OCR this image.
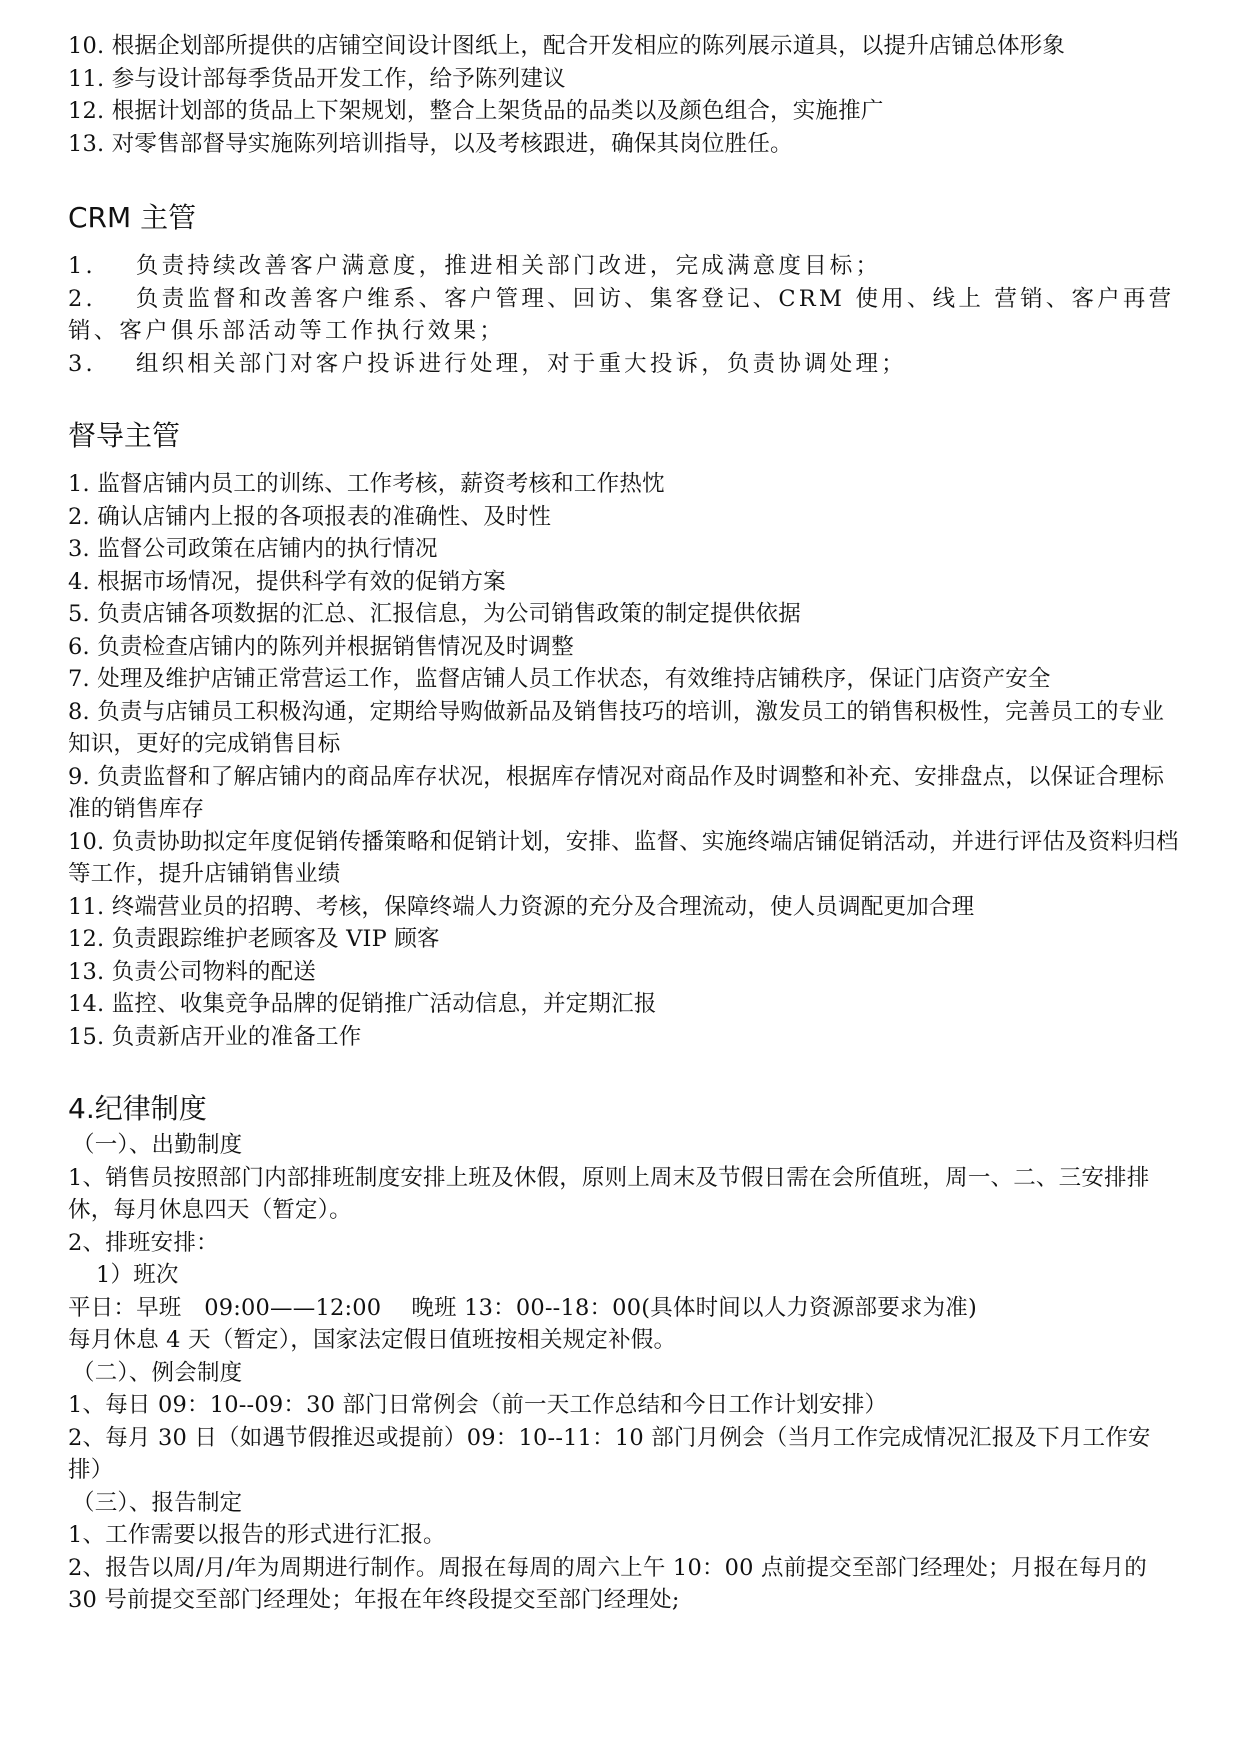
10. 根据企划部所提供的店铺空间设计图纸上，配合开发相应的陈列展示道具，以提升店铺总体形象

11. 参与设计部每季货品开发工作，给予陈列建议

12. 根据计划部的货品上下架规划，整合上架货品的品类以及颜色组合，实施推广

13. 对零售部督导实施陈列培训指导，以及考核跟进，确保其岗位胜任。

CRM 主管

1. 负责持续改善客户满意度，推进相关部门改进，完成满意度目标；

2. 负责监督和改善客户维系、客户管理、回访、集客登记、CRM 使用、线上 营销、客户再营销、客户俱乐部活动等工作执行效果；

3. 组织相关部门对客户投诉进行处理，对于重大投诉，负责协调处理；

督导主管

1. 监督店铺内员工的训练、工作考核，薪资考核和工作热忱

2. 确认店铺内上报的各项报表的准确性、及时性

3. 监督公司政策在店铺内的执行情况

4. 根据市场情况，提供科学有效的促销方案

5. 负责店铺各项数据的汇总、汇报信息，为公司销售政策的制定提供依据

6. 负责检查店铺内的陈列并根据销售情况及时调整

7. 处理及维护店铺正常营运工作，监督店铺人员工作状态，有效维持店铺秩序，保证门店资产安全

8. 负责与店铺员工积极沟通，定期给导购做新品及销售技巧的培训，激发员工的销售积极性，完善员工的专业知识，更好的完成销售目标

9. 负责监督和了解店铺内的商品库存状况，根据库存情况对商品作及时调整和补充、安排盘点，以保证合理标准的销售库存

10. 负责协助拟定年度促销传播策略和促销计划，安排、监督、实施终端店铺促销活动，并进行评估及资料归档等工作，提升店铺销售业绩

11. 终端营业员的招聘、考核，保障终端人力资源的充分及合理流动，使人员调配更加合理

12. 负责跟踪维护老顾客及 VIP 顾客

13. 负责公司物料的配送

14. 监控、收集竞争品牌的促销推广活动信息，并定期汇报

15. 负责新店开业的准备工作

4.纪律制度

（一）、出勤制度

1、销售员按照部门内部排班制度安排上班及休假，原则上周末及节假日需在会所值班，周一、二、三安排排休，每月休息四天（暂定）。

2、排班安排：

1）班次

平日：早班　09:00——12:00　 晚班 13：00--18：00(具体时间以人力资源部要求为准)

每月休息 4 天（暂定），国家法定假日值班按相关规定补假。

（二）、例会制度

1、每日 09：10--09：30 部门日常例会（前一天工作总结和今日工作计划安排）

2、每月 30 日（如遇节假推迟或提前）09：10--11：10 部门月例会（当月工作完成情况汇报及下月工作安排）

（三）、报告制定

1、工作需要以报告的形式进行汇报。

2、报告以周/月/年为周期进行制作。周报在每周的周六上午 10：00 点前提交至部门经理处；月报在每月的 30 号前提交至部门经理处；年报在年终段提交至部门经理处;
